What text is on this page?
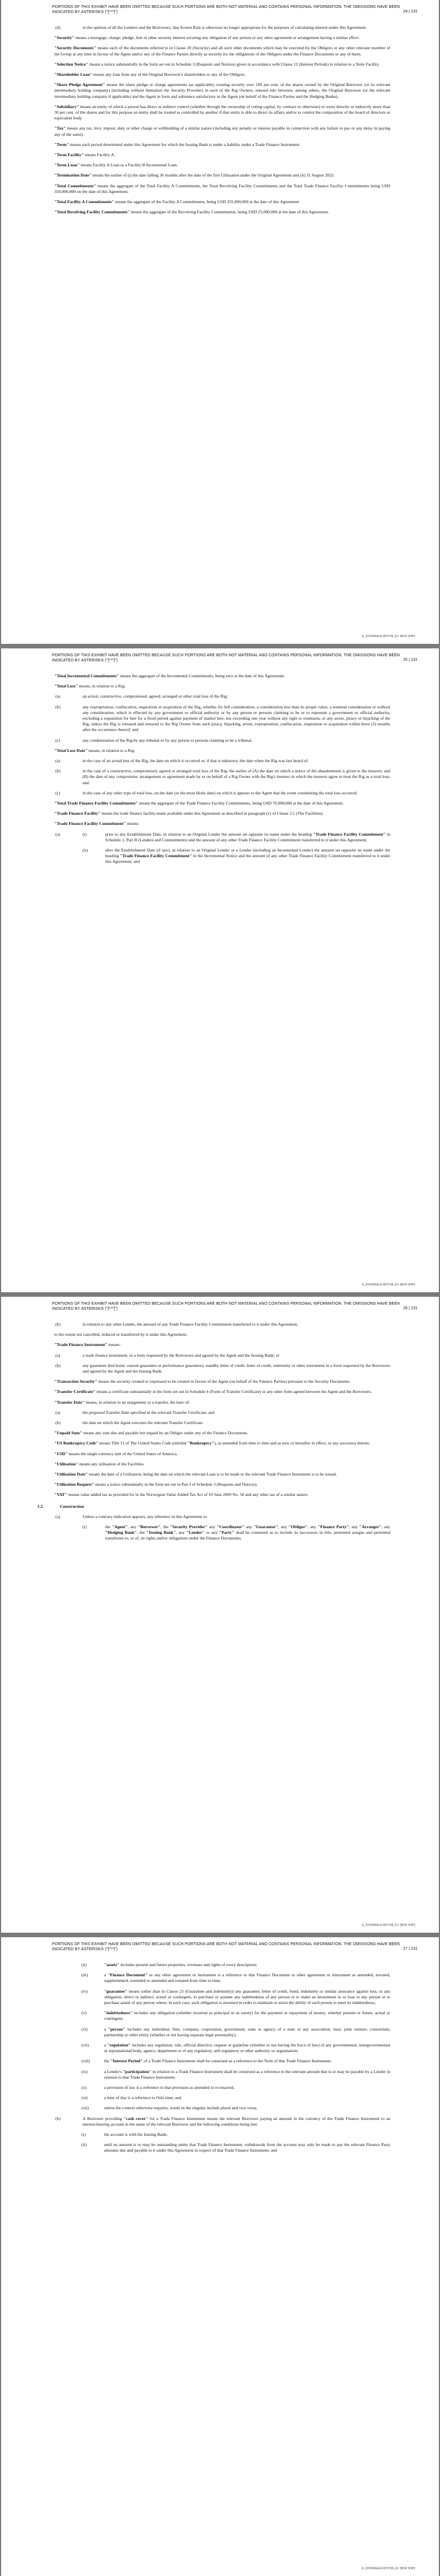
PORTIONS OF THIS EXHIBIT HAVE BEEN OMITTED BECAUSE SUCH PORTIONS ARE BOTH NOT MATERIAL AND CONTAINS PERSONAL INFORMATION. THE OMISSIONS HAVE BEEN INDICATED BY ASTERISKS ("[***]")	24 | 131
(d)	in the opinion of all the Lenders and the Borrowers, that Screen Rate is otherwise no longer appropriate for the purposes of calculating interest under this Agreement.

"Security" means a mortgage, charge, pledge, lien or other security interest securing any obligation of any person or any other agreement or arrangement having a similar effect.

"Security Documents" means each of the documents referred to in Clause 20 (Security) and all such other documents which may be executed by the Obligors or any other relevant member of the Group at any time in favour of the Agent and/or any of the Finance Parties directly as security for the obligations of the Obligors under the Finance Documents or any of them.

"Selection Notice" means a notice substantially in the form set out in Schedule 3 (Requests and Notices) given in accordance with Clause 12 (Interest Periods) in relation to a Term Facility.

"Shareholder Loan" means any loan from any of the Original Borrower's shareholders to any of the Obligors.

"Share Pledge Agreement" means the share pledge or charge agreements (as applicable) creating security over 100 per cent. of the shares owned by the Original Borrower (or its relevant intermediary holding company) (including without limitation the Security Provider) in each of the Rig Owners, entered into between, among others, the Original Borrower (or the relevant intermediary holding company if applicable) and the Agent in form and substance satisfactory to the Agent (on behalf of the Finance Parties and the Hedging Banks).

"Subsidiary" means an entity of which a person has direct or indirect control (whether through the ownership of voting capital, by contract or otherwise) or owns directly or indirectly more than 50 per cent. of the shares and for this purpose an entity shall be treated as controlled by another if that entity is able to direct its affairs and/or to control the composition of the board of directors or equivalent body.

"Tax" means any tax, levy, impost, duty or other charge or withholding of a similar nature (including any penalty or interest payable in connection with any failure to pay or any delay in paying any of the same).

"Term" means each period determined under this Agreement for which the Issuing Bank is under a liability under a Trade Finance Instrument.

"Term Facility" means Facility A.

"Term Loan" means Facility A Loan or a Facility B Incremental Loan.

"Termination Date" means the earlier of (i) the date falling 36 months after the date of the first Utilisation under the Original Agreement and (ii) 31 August 2022.

"Total Commitments" means the aggregate of the Total Facility A Commitments, the Total Revolving Facility Commitments and the Total Trade Finance Facility Commitments being USD 350,000,000 on the date of this Agreement.

"Total Facility A Commitments" means the aggregate of the Facility A Commitments, being USD 255,000,000 at the date of this Agreement.

"Total Revolving Facility Commitments" means the aggregate of the Revolving Facility Commitments, being USD 25,000,000 at the date of this Agreement.

[L_INTERNAL]#1870728_EV: [BOR SHIP]
PORTIONS OF THIS EXHIBIT HAVE BEEN OMITTED BECAUSE SUCH PORTIONS ARE BOTH NOT MATERIAL AND CONTAINS PERSONAL INFORMATION. THE OMISSIONS HAVE BEEN INDICATED BY ASTERISKS ("[***]")	25 | 131

"Total Incremental Commitments" means the aggregate of the Incremental Commitments, being zero at the date of this Agreement.

"Total Loss" means, in relation to a Rig:

(a)	an actual, constructive, compromised, agreed, arranged or other total loss of the Rig;
(b)	any expropriation, confiscation, requisition or acquisition of the Rig, whether for full consideration, a consideration less than its proper value, a nominal consideration or without any consideration, which is effected by any government or official authority or by any person or persons claiming to be or to represent a government or official authority, excluding a requisition for hire for a fixed period against payment of market hire, not exceeding one year without any right to extension, or any arrest, piracy or hijacking of the Rig, unless the Rig is released and restored to the Rig Owner from such piracy, hijacking, arrest, expropriation, confiscation, requisition or acquisition within three (3) months after the occurrence thereof; and
(c)	any condemnation of the Rig by any tribunal or by any person or persons claiming to be a tribunal.

"Total Loss Date" means, in relation to a Rig:

(a)	in the case of an actual loss of the Rig, the date on which it occurred or, if that is unknown, the date when the Rig was last heard of;
(b)	in the case of a constructive, compromised, agreed or arranged total loss of the Rig, the earlier of (A) the date on which a notice of the abandonment is given to the insurers; and (B) the date of any compromise, arrangement or agreement made by or on behalf of a Rig Owner with the Rig's insurers in which the insurers agree to treat the Rig as a total loss; and
(c)	in the case of any other type of total loss, on the date (or the most likely date) on which it appears to the Agent that the event constituting the total loss occurred.

"Total Trade Finance Facility Commitments" means the aggregate of the Trade Finance Facility Commitments, being USD 70,000,000 at the date of this Agreement.

"Trade Finance Facility" means the trade finance facility made available under this Agreement as described in paragraph (c) of Clause 2.1 (The Facilities).

"Trade Finance Facility Commitment" means:

(a)	(i)	prior to any Establishment Date, in relation to an Original Lender the amount set opposite its name under the heading "Trade Finance Facility Commitment" in Schedule 1, Part B (Lenders and Commitments) and the amount of any other Trade Finance Facility Commitment transferred to it under this Agreement;
(ii)	after the Establishment Date (if any), in relation to an Original Lender or a Lender (including an Incremental Lender) the amount set opposite its name under the heading "Trade Finance Facility Commitment" in the Incremental Notice and the amount of any other Trade Finance Facility Commitment transferred to it under this Agreement; and
[L_INTERNAL]#1870728_EV: [BOR SHIP]
PORTIONS OF THIS EXHIBIT HAVE BEEN OMITTED BECAUSE SUCH PORTIONS ARE BOTH NOT MATERIAL AND CONTAINS PERSONAL INFORMATION. THE OMISSIONS HAVE BEEN INDICATED BY ASTERISKS ("[***]")	26 | 131
(b)	in relation to any other Lender, the amount of any Trade Finance Facility Commitment transferred to it under this Agreement,

to the extent not cancelled, reduced or transferred by it under this Agreement.

"Trade Finance Instrument" means:

(a)	a trade finance instrument, in a form requested by the Borrowers and agreed by the Agent and the Issuing Bank; or
(b)	any guarantee (bid bond, custom guarantee or performance guarantee), standby letter of credit, letter of credit, indemnity or other instrument in a form requested by the Borrowers and agreed by the Agent and the Issuing Bank.

"Transaction Security" means the security created or expressed to be created in favour of the Agent (on behalf of the Finance Parties) pursuant to the Security Documents.

"Transfer Certificate" means a certificate substantially in the form set out in Schedule 4 (Form of Transfer Certificate) or any other form agreed between the Agent and the Borrowers.

"Transfer Date" means, in relation to an assignment or a transfer, the later of:

(a)	the proposed Transfer Date specified in the relevant Transfer Certificate; and
(b)	the date on which the Agent executes the relevant Transfer Certificate.

"Unpaid Sum" means any sum due and payable but unpaid by an Obligor under any of the Finance Documents.

"US Bankruptcy Code" means Title 11 of The United States Code (entitled "Bankruptcy"), as amended from time to time and as now or hereafter in effect, or any successor thereto.

"USD" means the single currency unit of the United States of America.

"Utilisation" means any utilisation of the Facilities.

"Utilisation Date" means the date of a Utilisation, being the date on which the relevant Loan is to be made or the relevant Trade Finance Instrument is to be issued.

"Utilisation Request" means a notice substantially in the form set out in Part I of Schedule 3 (Requests and Notices).

"VAT" means value added tax as provided for in the Norwegian Value Added Tax Act of 19 June 2009 No. 58 and any other tax of a similar nature.

1.2	Construction
(a)	Unless a contrary indication appears, any reference in this Agreement to:
(i)	the "Agent", any "Borrower", the "Security Provider" any "Coordinator" any "Guarantor", any "Obligor", any "Finance Party", any "Arranger", any "Hedging Bank", the "Issuing Bank", any "Lender" or any "Party" shall be construed as to include its successors in title, permitted assigns and permitted transferees to, or of, its rights and/or obligations under the Finance Documents;
[L_INTERNAL]#1870728_EV: [BOR SHIP]
PORTIONS OF THIS EXHIBIT HAVE BEEN OMITTED BECAUSE SUCH PORTIONS ARE BOTH NOT MATERIAL AND CONTAINS PERSONAL INFORMATION. THE OMISSIONS HAVE BEEN INDICATED BY ASTERISKS ("[***]")	27 | 131
(ii)	"assets" includes present and future properties, revenues and rights of every description;
(iii)	a "Finance Document" or any other agreement or instrument is a reference to that Finance Document or other agreement or instrument as amended, novated, supplemented, extended or amended and restated from time to time;
(iv)	"guarantee" means (other than in Clause 21 (Guarantee and indemnity)) any guarantee, letter of credit, bond, indemnity or similar assurance against loss, or any obligation, direct or indirect, actual or contingent, to purchase or assume any indebtedness of any person or to make an investment in or loan to any person or to purchase assets of any person where, in each case, such obligation is assumed in order to maintain or assist the ability of such person to meet its indebtedness;
(v)	"indebtedness" includes any obligation (whether incurred as principal or as surety) for the payment or repayment of money, whether present or future, actual or contingent;
(vi)	a "person" includes any individual, firm, company, corporation, government, state or agency of a state or any association, trust, joint venture, consortium, partnership or other entity (whether or not having separate legal personality);
(vii)	a "regulation" includes any regulation, rule, official directive, request or guideline (whether or not having the force of law) of any governmental, intergovernmental or supranational body, agency, department or of any regulatory, self-regulatory or other authority or organisation;
(viii)	the "Interest Period" of a Trade Finance Instrument shall be construed as a reference to the Term of that Trade Finance Instrument;
(ix)	a Lender's "participation" in relation to a Trade Finance Instrument shall be construed as a reference to the relevant amount that is or may be payable by a Lender in relation to that Trade Finance Instrument;
(x)	a provision of law is a reference to that provision as amended or re-enacted;
(xi)	a time of day is a reference to Oslo time; and
(xii)	unless the context otherwise requires, words in the singular include plural and vice versa.
(b)	A Borrower providing "cash cover" for a Trade Finance Instrument means the relevant Borrower paying an amount in the currency of the Trade Finance Instrument to an interest-bearing account in the name of the relevant Borrower and the following conditions being met:
(i)	the account is with the Issuing Bank;
(ii)	until no amount is or may be outstanding under that Trade Finance Instrument, withdrawals from the account may only be made to pay the relevant Finance Party amounts due and payable to it under this Agreement in respect of that Trade Finance Instrument; and
[L_INTERNAL]#1870728_EV: [BOR SHIP]
